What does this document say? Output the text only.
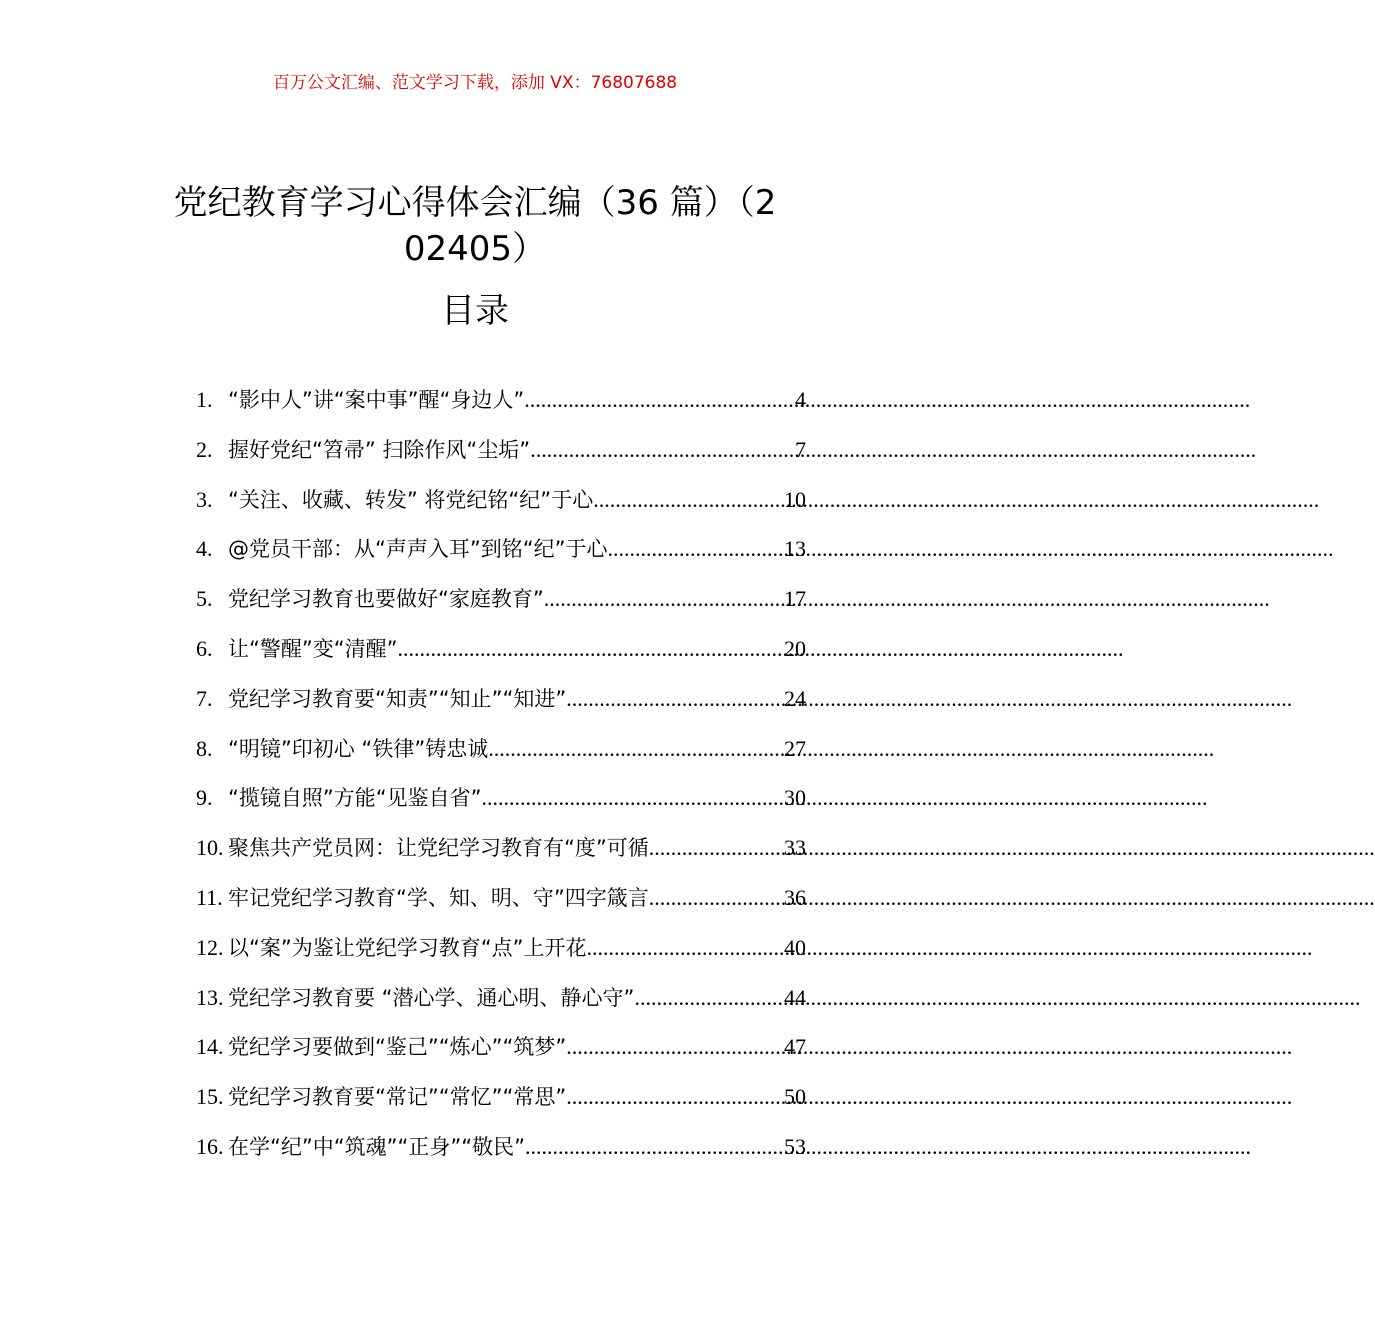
百万公文汇编、范文学习下载，添加 VX：76807688
党纪教育学习心得体会汇编（36 篇）（2
02405）
目录
1. “影中人”讲“案中事”醒“身边人” .....	4
2. 握好党纪“笤帚” 扫除作风“尘垢” .....	7
3. “关注、收藏、转发” 将党纪铭“纪”于心 .....	10
4. @党员干部：从“声声入耳”到铭“纪”于心 .....	13
5. 党纪学习教育也要做好“家庭教育” .....	17
6. 让“警醒”变“清醒” .....	20
7. 党纪学习教育要“知责”“知止”“知进” .....	24
8. “明镜”印初心 “铁律”铸忠诚 .....	27
9. “揽镜自照”方能“见鉴自省” .....	30
10. 聚焦共产党员网：让党纪学习教育有“度”可循 .....	33
11. 牢记党纪学习教育“学、知、明、守”四字箴言 .....	36
12. 以“案”为鉴让党纪学习教育“点”上开花 .....	40
13. 党纪学习教育要 “潜心学、通心明、静心守” .....	44
14. 党纪学习要做到“鉴己”“炼心”“筑梦” .....	47
15. 党纪学习教育要“常记”“常忆”“常思” .....	50
16. 在学“纪”中“筑魂”“正身”“敬民” .....	53
